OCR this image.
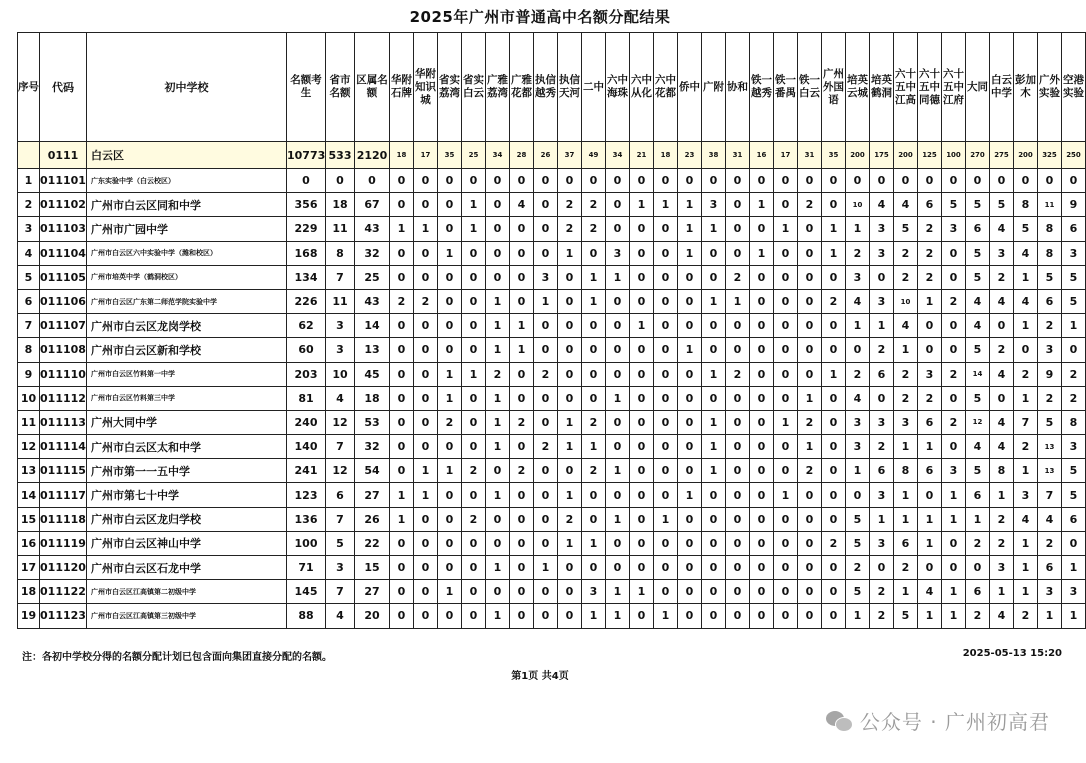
2025年广州市普通高中名额分配结果
序号	代码	初中学校	名额考生	省市名额	区属名额	华附石牌	华附知识城	省实荔湾	省实白云	广雅荔湾	广雅花都	执信越秀	执信天河	二中	六中海珠	六中从化	六中花都	侨中	广附	协和	铁一越秀	铁一番禺	铁一白云	广州外国语	培英云城	培英鹤洞	六十五中江高	六十五中同德	六十五中江府	大同	白云中学	彭加木	广外实验	空港实验
	0111	白云区	10773	533	2120	18	17	35	25	34	28	26	37	49	34	21	18	23	38	31	16	17	31	35	200	175	200	125	100	270	275	200	325	250
1	011101	广东实验中学（白云校区）	0	0	0	0	0	0	0	0	0	0	0	0	0	0	0	0	0	0	0	0	0	0	0	0	0	0	0	0	0	0	0	0
2	011102	广州市白云区同和中学	356	18	67	0	0	0	1	0	4	0	2	2	0	1	1	1	3	0	1	0	2	0	10	4	4	6	5	5	5	8	11	9
3	011103	广州市广园中学	229	11	43	1	1	0	1	0	0	0	2	2	0	0	0	1	1	0	0	1	0	1	1	3	5	2	3	6	4	5	8	6
4	011104	广州市白云区六中实验中学（潍和校区）	168	8	32	0	0	1	0	0	0	0	1	0	3	0	0	1	0	0	1	0	0	1	2	3	2	2	0	5	3	4	8	3
5	011105	广州市培英中学（鹤洞校区）	134	7	25	0	0	0	0	0	0	3	0	1	1	0	0	0	0	2	0	0	0	0	3	0	2	2	0	5	2	1	5	5
6	011106	广州市白云区广东第二师范学院实验中学	226	11	43	2	2	0	0	1	0	1	0	1	0	0	0	0	1	1	0	0	0	2	4	3	10	1	2	4	4	4	6	5
7	011107	广州市白云区龙岗学校	62	3	14	0	0	0	0	1	1	0	0	0	0	1	0	0	0	0	0	0	0	0	1	1	4	0	0	4	0	1	2	1
8	011108	广州市白云区新和学校	60	3	13	0	0	0	0	1	1	0	0	0	0	0	0	1	0	0	0	0	0	0	0	2	1	0	0	5	2	0	3	0
9	011110	广州市白云区竹料第一中学	203	10	45	0	0	1	1	2	0	2	0	0	0	0	0	0	1	2	0	0	0	1	2	6	2	3	2	14	4	2	9	2
10	011112	广州市白云区竹料第三中学	81	4	18	0	0	1	0	1	0	0	0	0	1	0	0	0	0	0	0	0	1	0	4	0	2	2	0	5	0	1	2	2
11	011113	广州大同中学	240	12	53	0	0	2	0	1	2	0	1	2	0	0	0	0	1	0	0	1	2	0	3	3	3	6	2	12	4	7	5	8
12	011114	广州市白云区太和中学	140	7	32	0	0	0	0	1	0	2	1	1	0	0	0	0	1	0	0	0	1	0	3	2	1	1	0	4	4	2	13	3
13	011115	广州市第一一五中学	241	12	54	0	1	1	2	0	2	0	0	2	1	0	0	0	1	0	0	0	2	0	1	6	8	6	3	5	8	1	13	5
14	011117	广州市第七十中学	123	6	27	1	1	0	0	1	0	0	1	0	0	0	0	1	0	0	0	1	0	0	0	3	1	0	1	6	1	3	7	5
15	011118	广州市白云区龙归学校	136	7	26	1	0	0	2	0	0	0	2	0	1	0	1	0	0	0	0	0	0	0	5	1	1	1	1	1	2	4	4	6
16	011119	广州市白云区神山中学	100	5	22	0	0	0	0	0	0	0	1	1	0	0	0	0	0	0	0	0	0	2	5	3	6	1	0	2	2	1	2	0
17	011120	广州市白云区石龙中学	71	3	15	0	0	0	0	1	0	1	0	0	0	0	0	0	0	0	0	0	0	0	2	0	2	0	0	0	3	1	6	1
18	011122	广州市白云区江高镇第二初级中学	145	7	27	0	0	1	0	0	0	0	0	3	1	1	0	0	0	0	0	0	0	0	5	2	1	4	1	6	1	1	3	3
19	011123	广州市白云区江高镇第三初级中学	88	4	20	0	0	0	0	1	0	0	0	1	1	0	1	0	0	0	0	0	0	0	1	2	5	1	1	2	4	2	1	1
注：各初中学校分得的名额分配计划已包含面向集团直接分配的名额。	2025-05-13 15:20
第1页 共4页
公众号 · 广州初高君
